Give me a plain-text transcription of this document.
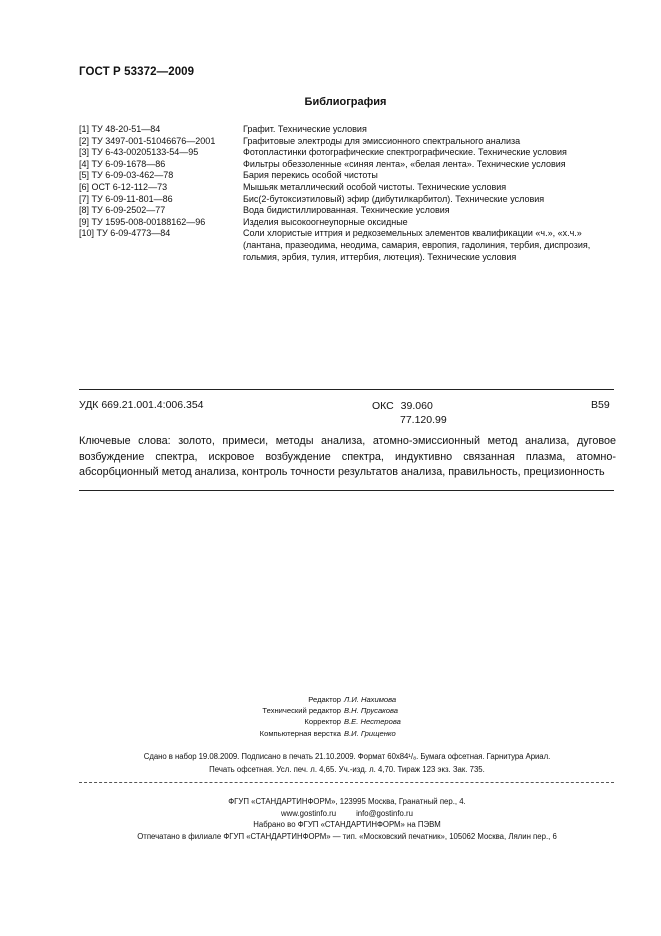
ГОСТ Р 53372—2009
Библиография
[1] ТУ 48-20-51—84	Графит. Технические условия
[2] ТУ 3497-001-51046676—2001	Графитовые электроды для эмиссионного спектрального анализа
[3] ТУ 6-43-00205133-54—95	Фотопластинки фотографические спектрографические. Технические условия
[4] ТУ 6-09-1678—86	Фильтры обеззоленные «синяя лента», «белая лента». Технические условия
[5] ТУ 6-09-03-462—78	Бария перекись особой чистоты
[6] ОСТ 6-12-112—73	Мышьяк металлический особой чистоты. Технические условия
[7] ТУ 6-09-11-801—86	Бис(2-бутоксиэтиловый) эфир (дибутилкарбитол). Технические условия
[8] ТУ 6-09-2502—77	Вода бидистиллированная. Технические условия
[9] ТУ 1595-008-00188162—96	Изделия высокоогнеупорные оксидные
[10] ТУ 6-09-4773—84	Соли хлористые иттрия и редкоземельных элементов квалификации «ч.», «х.ч.» (лантана, празеодима, неодима, самария, европия, гадолиния, тербия, диспрозия, гольмия, эрбия, тулия, иттербия, лютеция). Технические условия
УДК 669.21.001.4:006.354	ОКС 39.060
77.120.99
В59
Ключевые слова: золото, примеси, методы анализа, атомно-эмиссионный метод анализа, дуговое возбуждение спектра, искровое возбуждение спектра, индуктивно связанная плазма, атомно-абсорбционный метод анализа, контроль точности результатов анализа, правильность, прецизионность
Редактор Л.И. Нахимова
Технический редактор В.Н. Прусакова
Корректор В.Е. Нестерова
Компьютерная верстка В.И. Грищенко
Сдано в набор 19.08.2009. Подписано в печать 21.10.2009. Формат 60x84¹/₈. Бумага офсетная. Гарнитура Ариал.
Печать офсетная. Усл. печ. л. 4,65. Уч.-изд. л. 4,70. Тираж 123 экз. Зак. 735.
ФГУП «СТАНДАРТИНФОРМ», 123995 Москва, Гранатный пер., 4.
www.gostinfo.ru	info@gostinfo.ru
Набрано во ФГУП «СТАНДАРТИНФОРМ» на ПЭВМ
Отпечатано в филиале ФГУП «СТАНДАРТИНФОРМ» — тип. «Московский печатник», 105062 Москва, Лялин пер., 6
